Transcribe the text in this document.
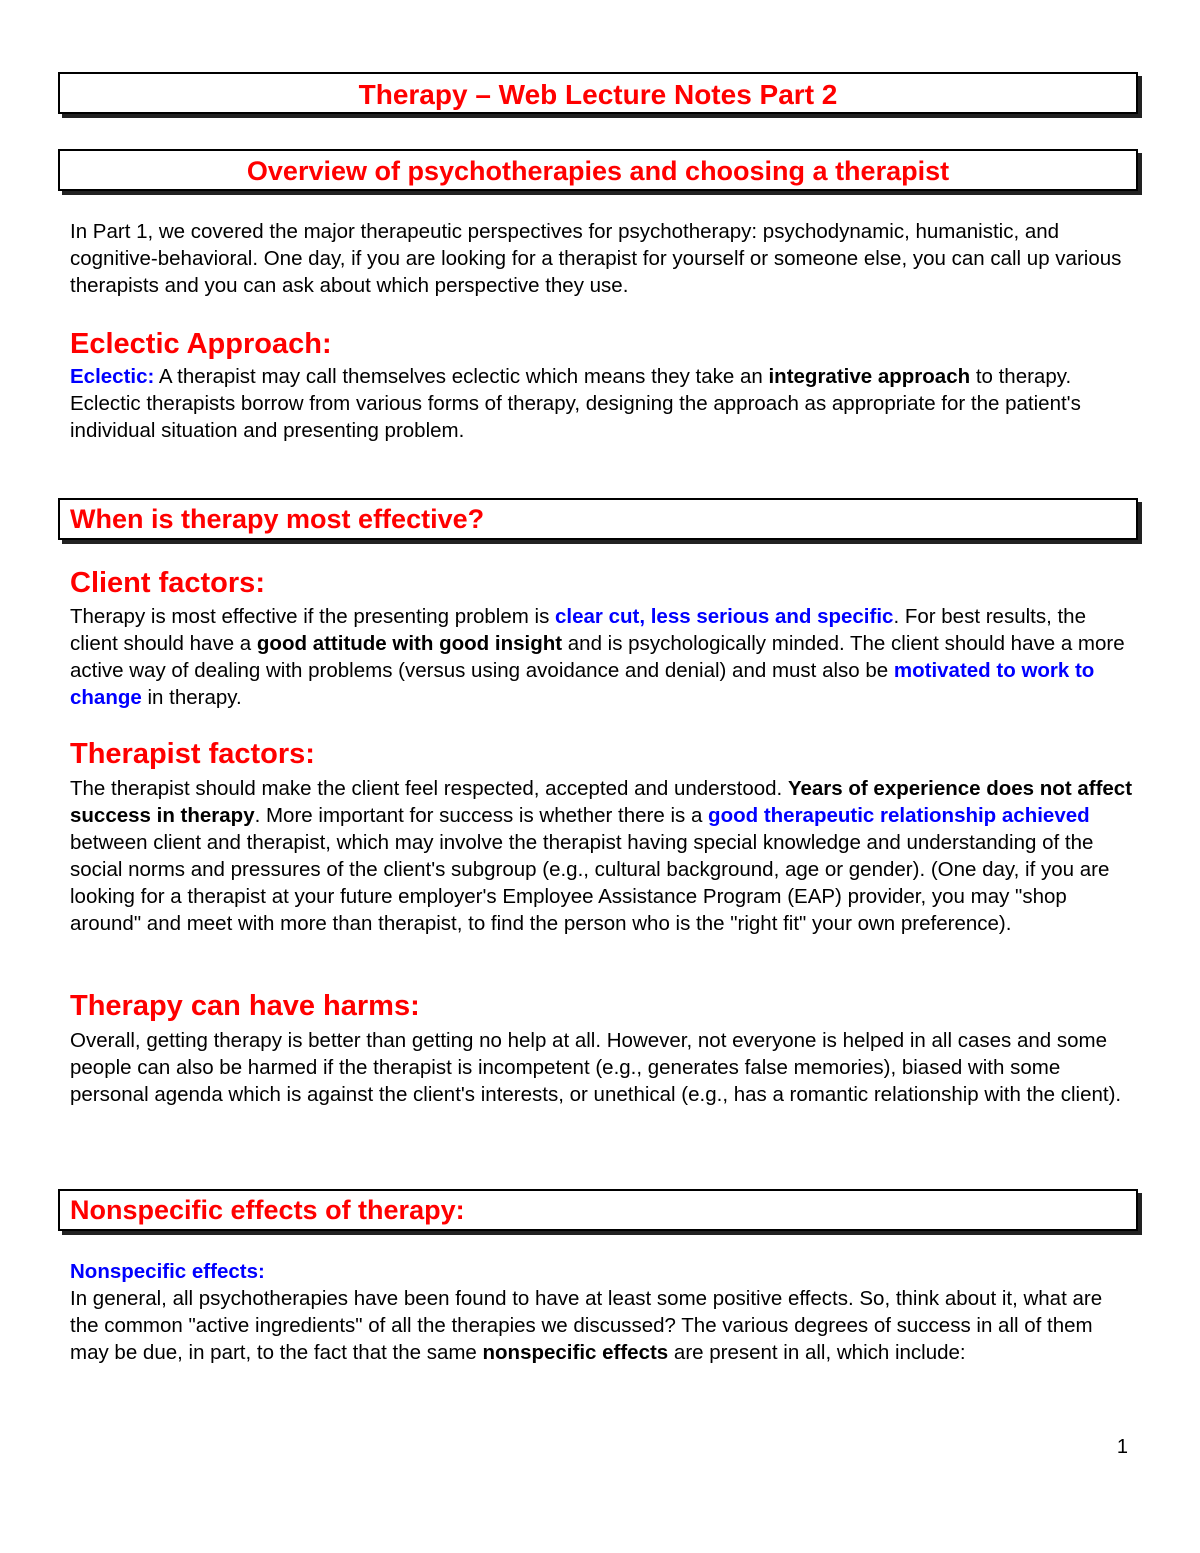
Therapy – Web Lecture Notes Part 2
Overview of psychotherapies and choosing a therapist

In Part 1, we covered the major therapeutic perspectives for psychotherapy: psychodynamic, humanistic, and cognitive-behavioral. One day, if you are looking for a therapist for yourself or someone else, you can call up various therapists and you can ask about which perspective they use.

Eclectic Approach:

Eclectic: A therapist may call themselves eclectic which means they take an integrative approach to therapy. Eclectic therapists borrow from various forms of therapy, designing the approach as appropriate for the patient's individual situation and presenting problem.

When is therapy most effective?
Client factors:

Therapy is most effective if the presenting problem is clear cut, less serious and specific. For best results, the client should have a good attitude with good insight and is psychologically minded. The client should have a more active way of dealing with problems (versus using avoidance and denial) and must also be motivated to work to change in therapy.

Therapist factors:

The therapist should make the client feel respected, accepted and understood. Years of experience does not affect success in therapy. More important for success is whether there is a good therapeutic relationship achieved between client and therapist, which may involve the therapist having special knowledge and understanding of the social norms and pressures of the client's subgroup (e.g., cultural background, age or gender). (One day, if you are looking for a therapist at your future employer's Employee Assistance Program (EAP) provider, you may "shop around" and meet with more than therapist, to find the person who is the "right fit" your own preference).

Therapy can have harms:

Overall, getting therapy is better than getting no help at all. However, not everyone is helped in all cases and some people can also be harmed if the therapist is incompetent (e.g., generates false memories), biased with some personal agenda which is against the client's interests, or unethical (e.g., has a romantic relationship with the client).

Nonspecific effects of therapy:

Nonspecific effects:

In general, all psychotherapies have been found to have at least some positive effects. So, think about it, what are the common "active ingredients" of all the therapies we discussed? The various degrees of success in all of them may be due, in part, to the fact that the same nonspecific effects are present in all, which include:

1
